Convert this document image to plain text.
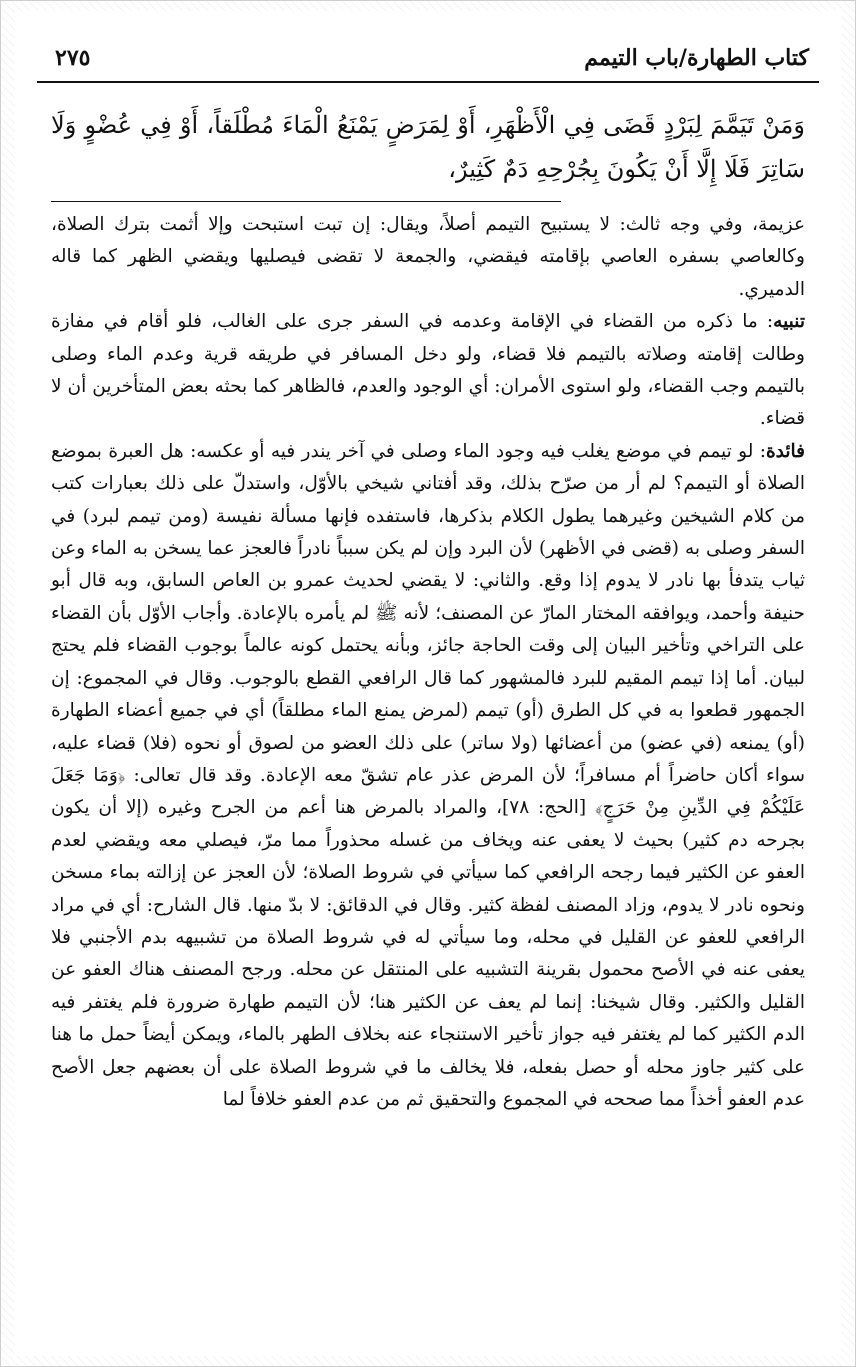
كتاب الطهارة/باب التيمم
٢٧٥
وَمَنْ تَيَمَّمَ لِبَرْدٍ قَضَى فِي الْأَظْهَرِ، أَوْ لِمَرَضٍ يَمْنَعُ الْمَاءَ مُطْلَقاً، أَوْ فِي عُضْوٍ وَلَا سَاتِرَ فَلَا إِلَّا أَنْ يَكُونَ بِجُرْحِهِ دَمٌ كَثِيرٌ،

عزيمة، وفي وجه ثالث: لا يستبيح التيمم أصلاً، ويقال: إن تبت استبحت وإلا أثمت بترك الصلاة، وكالعاصي بسفره العاصي بإقامته فيقضي، والجمعة لا تقضى فيصليها ويقضي الظهر كما قاله الدميري.

تنبيه: ما ذكره من القضاء في الإقامة وعدمه في السفر جرى على الغالب، فلو أقام في مفازة وطالت إقامته وصلاته بالتيمم فلا قضاء، ولو دخل المسافر في طريقه قرية وعدم الماء وصلى بالتيمم وجب القضاء، ولو استوى الأمران: أي الوجود والعدم، فالظاهر كما بحثه بعض المتأخرين أن لا قضاء.

فائدة: لو تيمم في موضع يغلب فيه وجود الماء وصلى في آخر يندر فيه أو عكسه: هل العبرة بموضع الصلاة أو التيمم؟ لم أر من صرّح بذلك، وقد أفتاني شيخي بالأوّل، واستدلّ على ذلك بعبارات كتب من كلام الشيخين وغيرهما يطول الكلام بذكرها، فاستفده فإنها مسألة نفيسة (ومن تيمم لبرد) في السفر وصلى به (قضى في الأظهر) لأن البرد وإن لم يكن سبباً نادراً فالعجز عما يسخن به الماء وعن ثياب يتدفأ بها نادر لا يدوم إذا وقع. والثاني: لا يقضي لحديث عمرو بن العاص السابق، وبه قال أبو حنيفة وأحمد، ويوافقه المختار المارّ عن المصنف؛ لأنه ﷺ لم يأمره بالإعادة. وأجاب الأوّل بأن القضاء على التراخي وتأخير البيان إلى وقت الحاجة جائز، وبأنه يحتمل كونه عالماً بوجوب القضاء فلم يحتج لبيان. أما إذا تيمم المقيم للبرد فالمشهور كما قال الرافعي القطع بالوجوب. وقال في المجموع: إن الجمهور قطعوا به في كل الطرق (أو) تيمم (لمرض يمنع الماء مطلقاً) أي في جميع أعضاء الطهارة (أو) يمنعه (في عضو) من أعضائها (ولا ساتر) على ذلك العضو من لصوق أو نحوه (فلا) قضاء عليه، سواء أكان حاضراً أم مسافراً؛ لأن المرض عذر عام تشقّ معه الإعادة. وقد قال تعالى: ﴿وَمَا جَعَلَ عَلَيْكُمْ فِي الدِّينِ مِنْ حَرَجٍ﴾ [الحج: ٧٨]، والمراد بالمرض هنا أعم من الجرح وغيره (إلا أن يكون بجرحه دم كثير) بحيث لا يعفى عنه ويخاف من غسله محذوراً مما مرّ، فيصلي معه ويقضي لعدم العفو عن الكثير فيما رجحه الرافعي كما سيأتي في شروط الصلاة؛ لأن العجز عن إزالته بماء مسخن ونحوه نادر لا يدوم، وزاد المصنف لفظة كثير. وقال في الدقائق: لا بدّ منها. قال الشارح: أي في مراد الرافعي للعفو عن القليل في محله، وما سيأتي له في شروط الصلاة من تشبيهه بدم الأجنبي فلا يعفى عنه في الأصح محمول بقرينة التشبيه على المنتقل عن محله. ورجح المصنف هناك العفو عن القليل والكثير. وقال شيخنا: إنما لم يعف عن الكثير هنا؛ لأن التيمم طهارة ضرورة فلم يغتفر فيه الدم الكثير كما لم يغتفر فيه جواز تأخير الاستنجاء عنه بخلاف الطهر بالماء، ويمكن أيضاً حمل ما هنا على كثير جاوز محله أو حصل بفعله، فلا يخالف ما في شروط الصلاة على أن بعضهم جعل الأصح عدم العفو أخذاً مما صححه في المجموع والتحقيق ثم من عدم العفو خلافاً لما
